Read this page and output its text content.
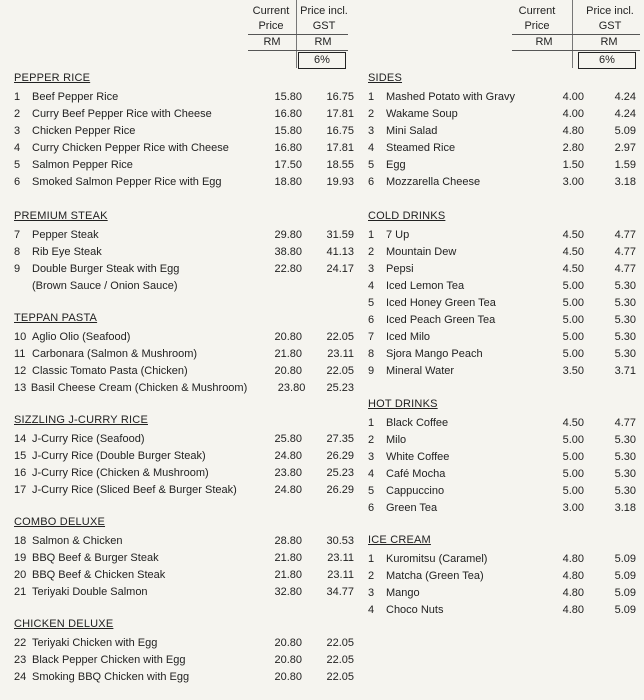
Current Price
Price incl. GST
RM	RM
6%
PEPPER RICE
1	Beef Pepper Rice	15.80	16.75
2	Curry Beef Pepper Rice with Cheese	16.80	17.81
3	Chicken Pepper Rice	15.80	16.75
4	Curry Chicken Pepper Rice with Cheese	16.80	17.81
5	Salmon Pepper Rice	17.50	18.55
6	Smoked Salmon Pepper Rice with Egg	18.80	19.93
PREMIUM STEAK
7	Pepper Steak	29.80	31.59
8	Rib Eye Steak	38.80	41.13
9	Double Burger Steak with Egg	22.80	24.17
(Brown Sauce / Onion Sauce)
TEPPAN PASTA
10 Aglio Olio (Seafood)	20.80	22.05
11 Carbonara (Salmon & Mushroom)	21.80	23.11
12 Classic Tomato Pasta (Chicken)	20.80	22.05
13 Basil Cheese Cream (Chicken & Mushroom)	23.80	25.23
SIZZLING J-CURRY RICE
14 J-Curry Rice (Seafood)	25.80	27.35
15 J-Curry Rice (Double Burger Steak)	24.80	26.29
16 J-Curry Rice (Chicken & Mushroom)	23.80	25.23
17 J-Curry Rice (Sliced Beef & Burger Steak)	24.80	26.29
COMBO DELUXE
18 Salmon & Chicken	28.80	30.53
19 BBQ Beef & Burger Steak	21.80	23.11
20 BBQ Beef & Chicken Steak	21.80	23.11
21 Teriyaki Double Salmon	32.80	34.77
CHICKEN DELUXE
22 Teriyaki Chicken with Egg	20.80	22.05
23 Black Pepper Chicken with Egg	20.80	22.05
24 Smoking BBQ Chicken with Egg	20.80	22.05
Current Price
Price incl. GST
RM	RM
6%
SIDES
1	Mashed Potato with Gravy	4.00	4.24
2	Wakame Soup	4.00	4.24
3	Mini Salad	4.80	5.09
4	Steamed Rice	2.80	2.97
5	Egg	1.50	1.59
6	Mozzarella Cheese	3.00	3.18
COLD DRINKS
1	7 Up	4.50	4.77
2	Mountain Dew	4.50	4.77
3	Pepsi	4.50	4.77
4	Iced Lemon Tea	5.00	5.30
5	Iced Honey Green Tea	5.00	5.30
6	Iced Peach Green Tea	5.00	5.30
7	Iced Milo	5.00	5.30
8	Sjora Mango Peach	5.00	5.30
9	Mineral Water	3.50	3.71
HOT DRINKS
1	Black Coffee	4.50	4.77
2	Milo	5.00	5.30
3	White Coffee	5.00	5.30
4	Café Mocha	5.00	5.30
5	Cappuccino	5.00	5.30
6	Green Tea	3.00	3.18
ICE CREAM
1	Kuromitsu (Caramel)	4.80	5.09
2	Matcha (Green Tea)	4.80	5.09
3	Mango	4.80	5.09
4	Choco Nuts	4.80	5.09
